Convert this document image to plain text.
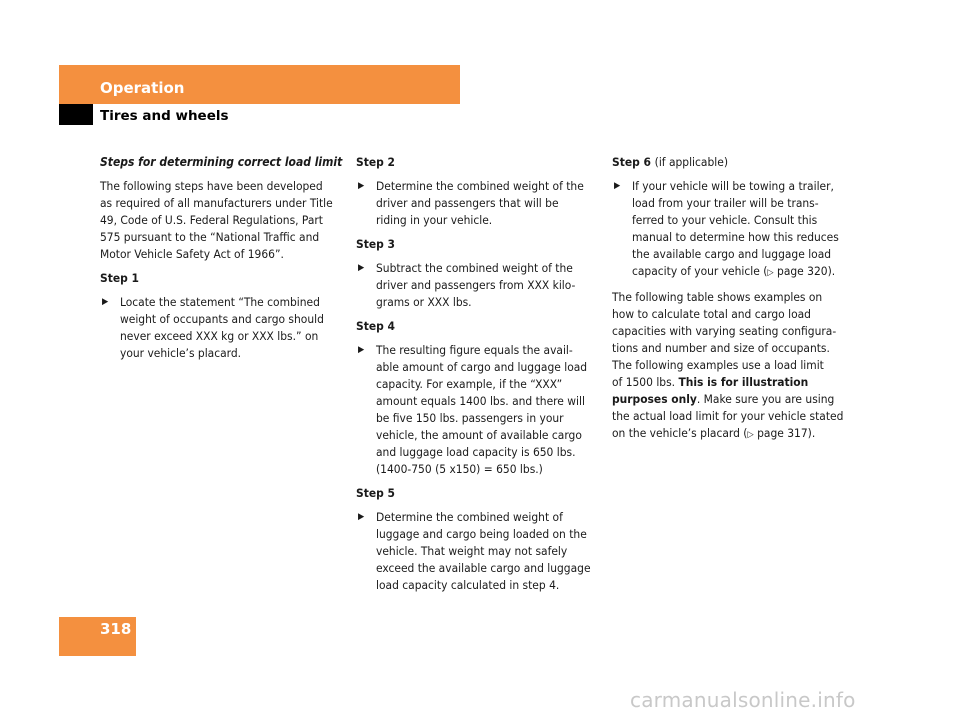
Operation
Tires and wheels

Steps for determining correct load limit

The following steps have been developed
as required of all manufacturers under Title
49, Code of U.S. Federal Regulations, Part
575 pursuant to the “National Traffic and
Motor Vehicle Safety Act of 1966”.

Step 1

▶ Locate the statement “The combined
weight of occupants and cargo should
never exceed XXX kg or XXX lbs.” on
your vehicle’s placard.

Step 2

▶ Determine the combined weight of the
driver and passengers that will be
riding in your vehicle.

Step 3

▶ Subtract the combined weight of the
driver and passengers from XXX kilo-
grams or XXX lbs.

Step 4

▶ The resulting figure equals the avail-
able amount of cargo and luggage load
capacity. For example, if the “XXX”
amount equals 1400 lbs. and there will
be five 150 lbs. passengers in your
vehicle, the amount of available cargo
and luggage load capacity is 650 lbs.
(1400-750 (5 x150) = 650 lbs.)

Step 5

▶ Determine the combined weight of
luggage and cargo being loaded on the
vehicle. That weight may not safely
exceed the available cargo and luggage
load capacity calculated in step 4.

Step 6 (if applicable)

▶ If your vehicle will be towing a trailer,
load from your trailer will be trans-
ferred to your vehicle. Consult this
manual to determine how this reduces
the available cargo and luggage load
capacity of your vehicle (▷ page 320).

The following table shows examples on
how to calculate total and cargo load
capacities with varying seating configura-
tions and number and size of occupants.
The following examples use a load limit
of 1500 lbs. This is for illustration
purposes only. Make sure you are using
the actual load limit for your vehicle stated
on the vehicle’s placard (▷ page 317).

318
carmanualsonline.info
